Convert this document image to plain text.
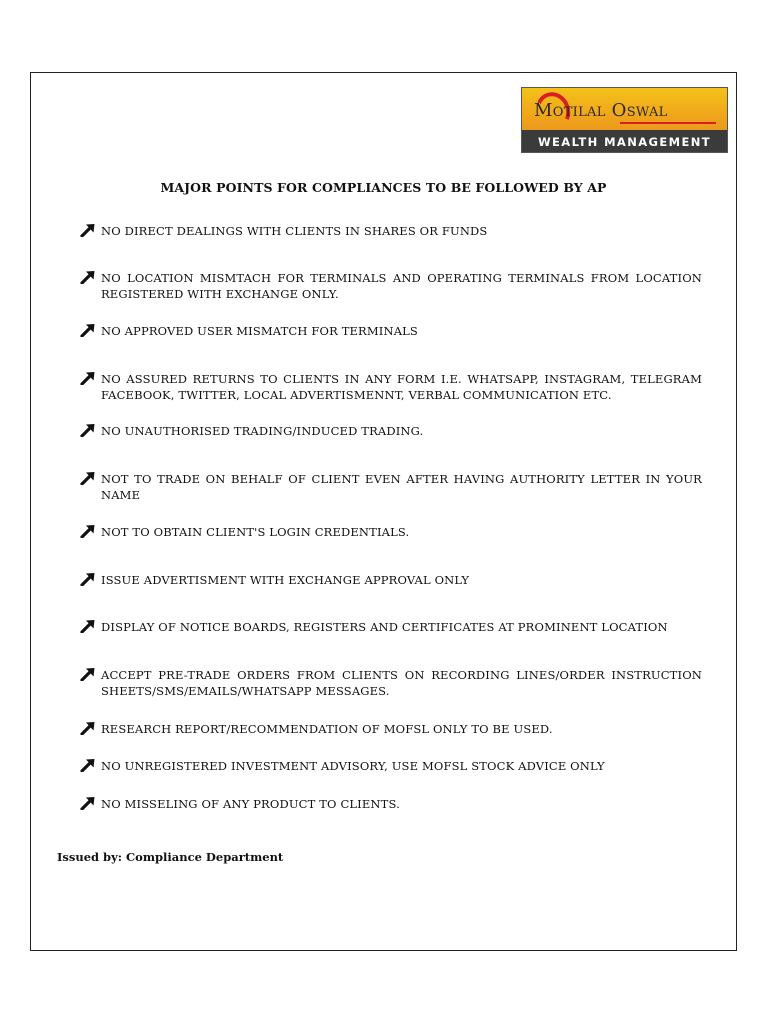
Motilal Oswal
WEALTH MANAGEMENT
MAJOR POINTS FOR COMPLIANCES TO BE FOLLOWED BY AP
NO DIRECT DEALINGS WITH CLIENTS IN SHARES OR FUNDS
NO LOCATION MISMTACH FOR TERMINALS AND OPERATING TERMINALS FROM LOCATION REGISTERED WITH EXCHANGE ONLY.
NO APPROVED USER MISMATCH FOR TERMINALS
NO ASSURED RETURNS TO CLIENTS IN ANY FORM I.E. WHATSAPP, INSTAGRAM, TELEGRAM FACEBOOK, TWITTER, LOCAL ADVERTISMENNT, VERBAL COMMUNICATION ETC.
NO UNAUTHORISED TRADING/INDUCED TRADING.
NOT TO TRADE ON BEHALF OF CLIENT EVEN AFTER HAVING AUTHORITY LETTER IN YOUR NAME
NOT TO OBTAIN CLIENT'S LOGIN CREDENTIALS.
ISSUE ADVERTISMENT WITH EXCHANGE APPROVAL ONLY
DISPLAY OF NOTICE BOARDS, REGISTERS AND CERTIFICATES AT PROMINENT LOCATION
ACCEPT PRE-TRADE ORDERS FROM CLIENTS ON RECORDING LINES/ORDER INSTRUCTION SHEETS/SMS/EMAILS/WHATSAPP MESSAGES.
RESEARCH REPORT/RECOMMENDATION OF MOFSL ONLY TO BE USED.
NO UNREGISTERED INVESTMENT ADVISORY, USE MOFSL STOCK ADVICE ONLY
NO MISSELING OF ANY PRODUCT TO CLIENTS.
Issued by: Compliance Department
